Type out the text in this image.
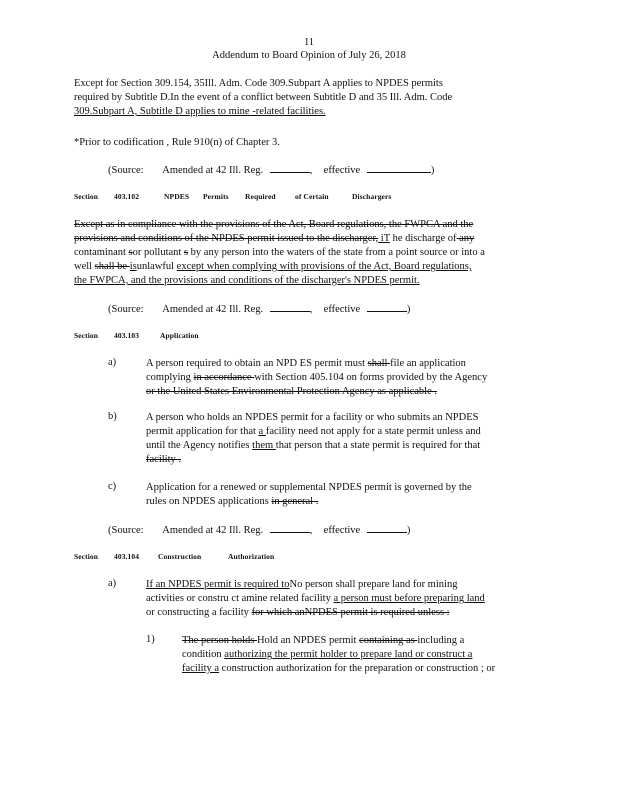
11
Addendum to Board Opinion of July 26, 2018
Except for Section 309.154, 35Ill. Adm. Code 309.Subpart A applies to NPDES permits
required by Subtitle D.In the event of a conflict between Subtitle D and 35 Ill. Adm. Code
309.Subpart A, Subtitle D applies to mine -related facilities.
*Prior to codification , Rule 910(n) of Chapter 3.
(Source: Amended at 42 Ill. Reg.	,  effective	)
Section 403.102	NPDES Permits Required	of Certain	Dischargers
Except as in compliance with the provisions of the Act, Board regulations, the FWPCA and the
provisions and conditions of the NPDES permit issued to the discharger, iT he discharge of any
contaminant sor pollutant s by any person into the waters of the state from a point source or into a
well shall be isunlawful except when complying with provisions of the Act, Board regulations,
the FWPCA, and the provisions and conditions of the discharger's NPDES permit.
(Source: Amended at 42 Ill. Reg.	,  effective	)
Section 403.103	Application
a)	A person required to obtain an NPD ES permit must shall file an application
complying in accordance with Section 405.104 on forms provided by the Agency
or the United States Environmental Protection Agency as applicable .
b)	A person who holds an NPDES permit for a facility or who submits an NPDES
permit application for that a facility need not apply for a state permit unless and
until the Agency notifies them that person that a state permit is required for that
facility .
c)	Application for a renewed or supplemental NPDES permit is governed by the
rules on NPDES applications in general .
(Source: Amended at 42 Ill. Reg.	,  effective	)
Section 403.104	Construction	Authorization
a)	If an NPDES permit is required toNo person shall prepare land for mining
activities or constru ct amine related facility a person must before preparing land
or constructing a facility for which anNPDES permit is required unless :
1)	The person holds Hold an NPDES permit containing as including a
condition authorizing the permit holder to prepare land or construct a
facility a construction authorization for the preparation or construction ; or
